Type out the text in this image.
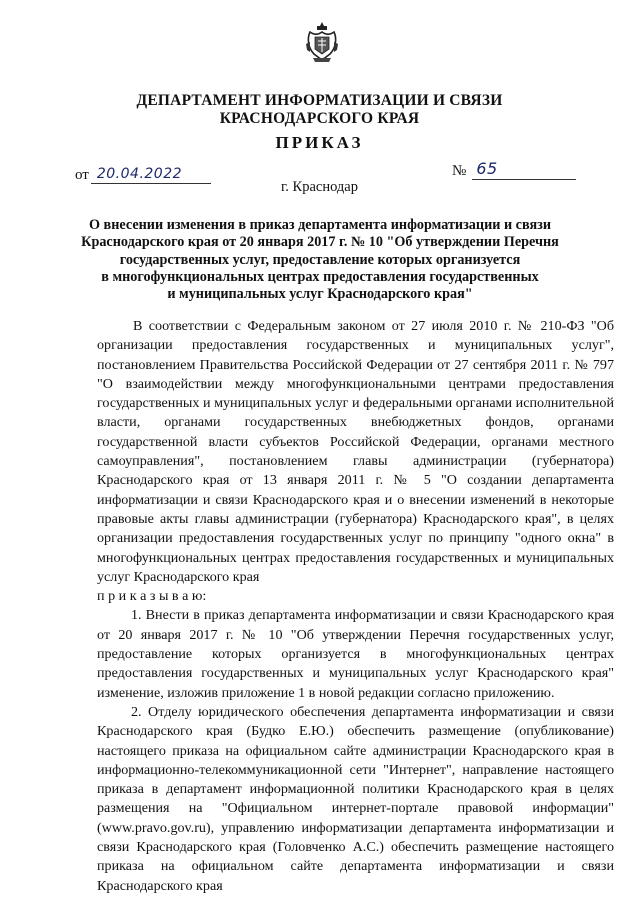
ДЕПАРТАМЕНТ ИНФОРМАТИЗАЦИИ И СВЯЗИ
КРАСНОДАРСКОГО КРАЯ
ПРИКАЗ
от 20.04.2022	№ 65
г. Краснодар
О внесении изменения в приказ департамента информатизации и связи
Краснодарского края от 20 января 2017 г. № 10 "Об утверждении Перечня
государственных услуг, предоставление которых организуется
в многофункциональных центрах предоставления государственных
и муниципальных услуг Краснодарского края"

В соответствии с Федеральным законом от 27 июля 2010 г. № 210-ФЗ "Об организации предоставления государственных и муниципальных услуг", постановлением Правительства Российской Федерации от 27 сентября 2011 г. № 797 "О взаимодействии между многофункциональными центрами предоставления государственных и муниципальных услуг и федеральными органами исполнительной власти, органами государственных внебюджетных фондов, органами государственной власти субъектов Российской Федерации, органами местного самоуправления", постановлением главы администрации (губернатора) Краснодарского края от 13 января 2011 г. № 5 "О создании департамента информатизации и связи Краснодарского края и о внесении изменений в некоторые правовые акты главы администрации (губернатора) Краснодарского края", в целях организации предоставления государственных услуг по принципу "одного окна" в многофункциональных центрах предоставления государственных и муниципальных услуг Краснодарского края

п р и к а з ы в а ю:

1. Внести в приказ департамента информатизации и связи Краснодарского края от 20 января 2017 г. № 10 "Об утверждении Перечня государственных услуг, предоставление которых организуется в многофункциональных центрах предоставления государственных и муниципальных услуг Краснодарского края" изменение, изложив приложение 1 в новой редакции согласно приложению.

2. Отделу юридического обеспечения департамента информатизации и связи Краснодарского края (Будко Е.Ю.) обеспечить размещение (опубликование) настоящего приказа на официальном сайте администрации Краснодарского края в информационно-телекоммуникационной сети "Интернет", направление настоящего приказа в департамент информационной политики Краснодарского края в целях размещения на "Официальном интернет-портале правовой информации" (www.pravo.gov.ru), управлению информатизации департамента информатизации и связи Краснодарского края (Головченко А.С.) обеспечить размещение настоящего приказа на официальном сайте департамента информатизации и связи Краснодарского края
